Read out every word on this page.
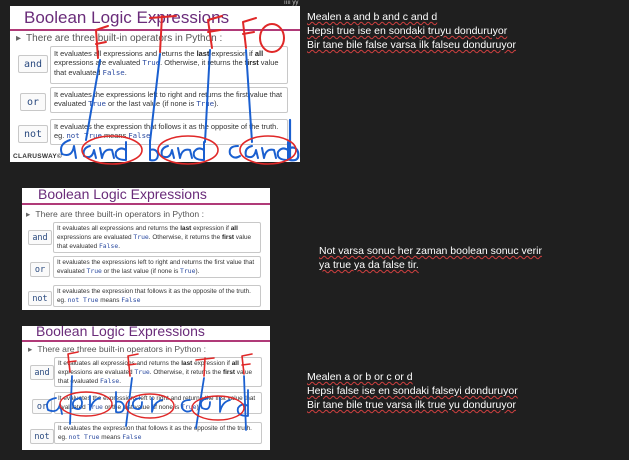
ıııı yy
Boolean Logic Expressions
▸ There are three built-in operators in Python :
and
It evaluates all expressions and returns the last expression if all expressions are evaluated True. Otherwise, it returns the first value that evaluated False.
or
It evaluates the expressions left to right and returns the first value that evaluated True or the last value (if none is True).
not
It evaluates the expression that follows it as the opposite of the truth. eg. not True means False
CLARUSWAY©
Boolean Logic Expressions
▸ There are three built-in operators in Python :
and
It evaluates all expressions and returns the last expression if all expressions are evaluated True. Otherwise, it returns the first value that evaluated False.
or
It evaluates the expressions left to right and returns the first value that evaluated True or the last value (if none is True).
not
It evaluates the expression that follows it as the opposite of the truth. eg. not True means False
Boolean Logic Expressions
▸ There are three built-in operators in Python :
and
It evaluates all expressions and returns the last expression if all expressions are evaluated True. Otherwise, it returns the first value that evaluated False.
or
It evaluates the expressions left to right and returns the first value that evaluated True or the last value (if none is True).
not
It evaluates the expression that follows it as the opposite of the truth. eg. not True means False
Mealen a and b and c and d
Hepsi true ise en sondaki truyu donduruyor
Bir tane bile false varsa ilk falseu donduruyor
Not varsa sonuc her zaman boolean sonuc verir
ya true ya da false tir.
Mealen a or b or c or d
Hepsi false ise en sondaki falseyi donduruyor
Bir tane bile true varsa ilk true yu donduruyor
